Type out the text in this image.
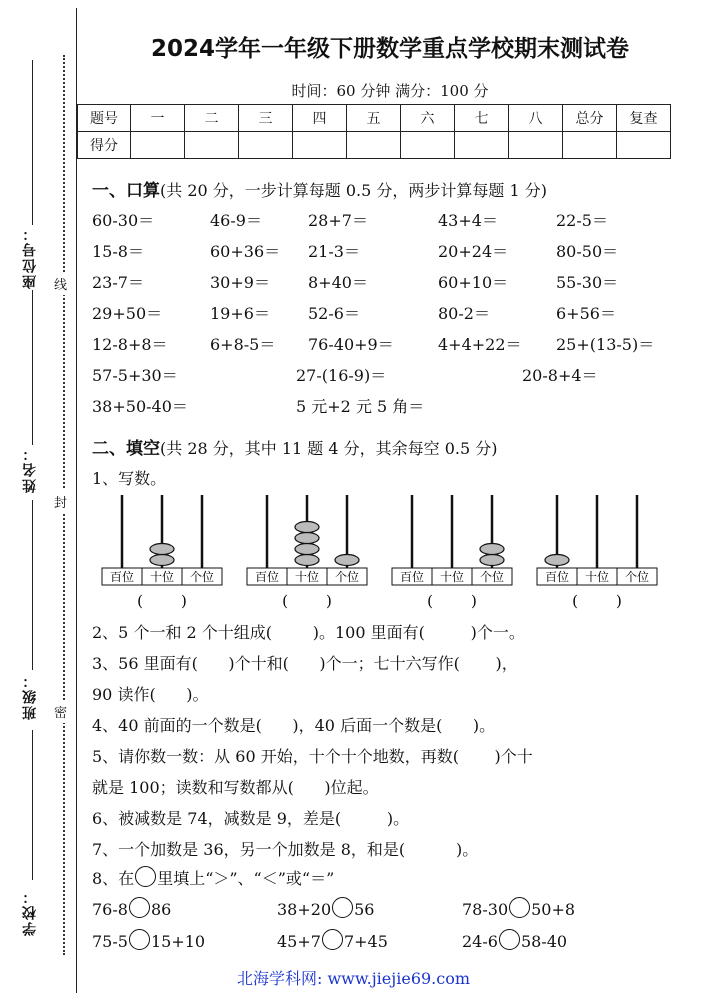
座位号：
姓名：
班级：
学校：
线
封
密
2024学年一年级下册数学重点学校期末测试卷
时间：60 分钟 满分：100 分
题号	一	二	三	四	五	六	七	八	总分	复查
得分										
一、口算(共 20 分，一步计算每题 0.5 分，两步计算每题 1 分)
60-30＝	46-9＝	28+7＝	43+4＝	22-5＝
15-8＝	60+36＝ 21-3＝	20+24＝	80-50＝
23-7＝	30+9＝ 8+40＝	60+10＝	55-30＝
29+50＝	19+6＝ 52-6＝	80-2＝	6+56＝
12-8+8＝	6+8-5＝ 76-40+9＝	4+4+22＝ 25+(13-5)＝
57-5+30＝	27-(16-9)＝	20-8+4＝
38+50-40＝	5 元+2 元 5 角＝
二、填空(共 28 分，其中 11 题 4 分，其余每空 0.5 分)
1、写数。
百位 十位 个位
(        )
百位 十位 个位
(        )
百位 十位 个位
(        )
百位 十位 个位
(        )
2、5 个一和 2 个十组成(        )。100 里面有(         )个一。
3、56 里面有(      )个十和(      )个一；七十六写作(       )，
90 读作(      )。
4、40 前面的一个数是(      )，40 后面一个数是(      )。
5、请你数一数：从 60 开始，十个十个地数，再数(       )个十
就是 100；读数和写数都从(      )位起。
6、被减数是 74，减数是 9，差是(         )。
7、一个加数是 36，另一个加数是 8，和是(          )。
8、在 里填上“＞”、“＜”或“＝”
76-8 86	38+20 56	78-30 50+8
75-5 15+10	45+7 7+45	24-6 58-40
北海学科网: www.jiejie69.com
